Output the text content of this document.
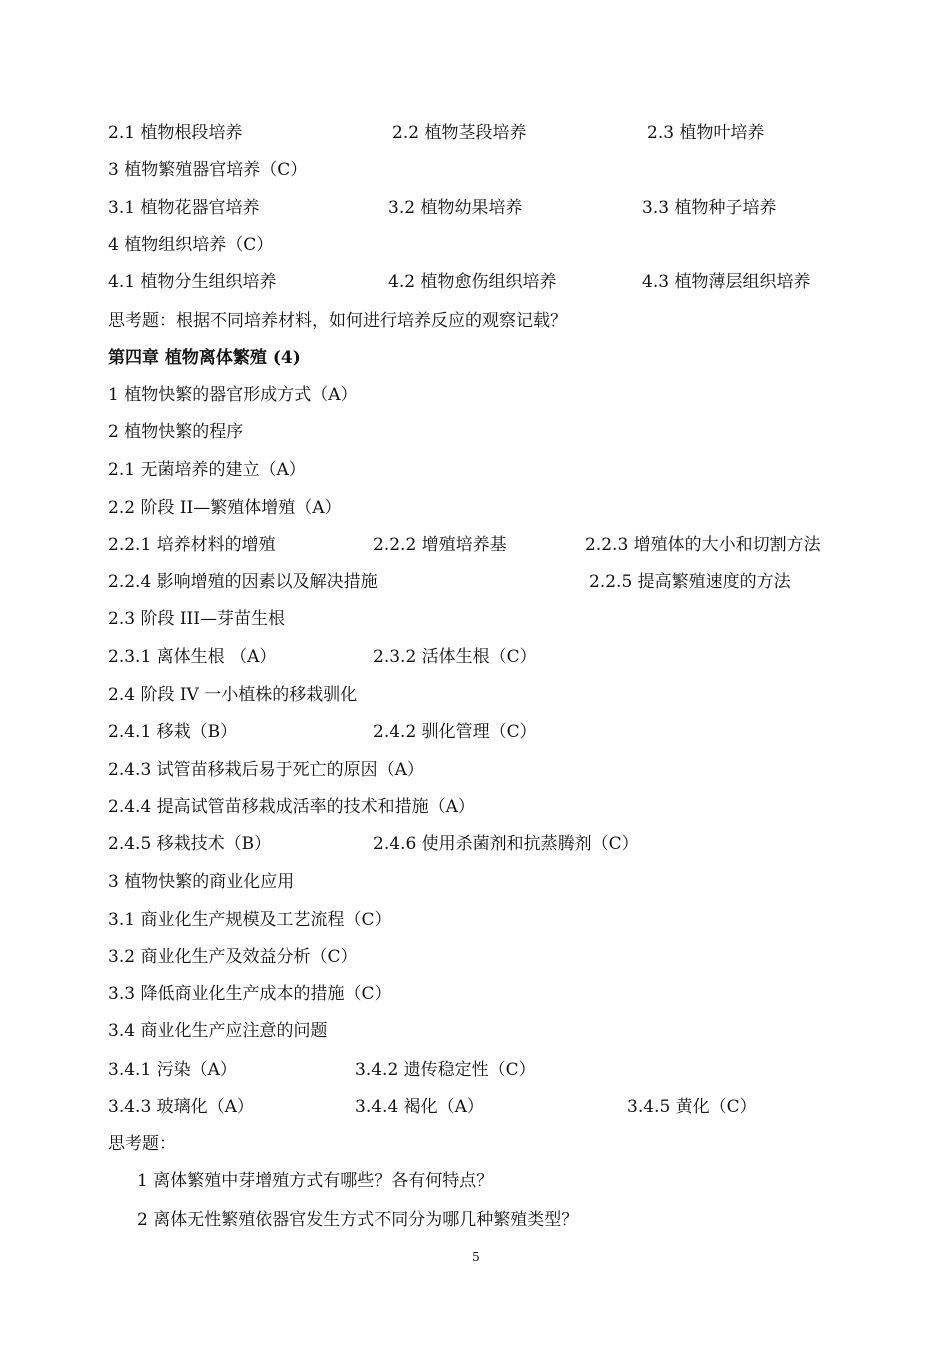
2.1 植物根段培养	2.2 植物茎段培养	2.3 植物叶培养
3 植物繁殖器官培养（C）
3.1 植物花器官培养	3.2 植物幼果培养	3.3 植物种子培养
4 植物组织培养（C）
4.1 植物分生组织培养	4.2 植物愈伤组织培养	4.3 植物薄层组织培养
思考题：根据不同培养材料，如何进行培养反应的观察记载？
第四章 植物离体繁殖 (4)
1 植物快繁的器官形成方式（A）
2 植物快繁的程序
2.1 无菌培养的建立（A）
2.2 阶段 II—繁殖体增殖（A）
2.2.1 培养材料的增殖	2.2.2 增殖培养基	2.2.3 增殖体的大小和切割方法
2.2.4 影响增殖的因素以及解决措施	2.2.5 提高繁殖速度的方法
2.3 阶段 III—芽苗生根
2.3.1 离体生根 （A）	2.3.2 活体生根（C）
2.4 阶段 IV 一小植株的移栽驯化
2.4.1 移栽（B）	2.4.2 驯化管理（C）
2.4.3 试管苗移栽后易于死亡的原因（A）
2.4.4 提高试管苗移栽成活率的技术和措施（A）
2.4.5 移栽技术（B）	2.4.6 使用杀菌剂和抗蒸腾剂（C）
3 植物快繁的商业化应用
3.1 商业化生产规模及工艺流程（C）
3.2 商业化生产及效益分析（C）
3.3 降低商业化生产成本的措施（C）
3.4 商业化生产应注意的问题
3.4.1 污染（A）	3.4.2 遗传稳定性（C）
3.4.3 玻璃化（A）	3.4.4 褐化（A）	3.4.5 黄化（C）
思考题：
1 离体繁殖中芽增殖方式有哪些？各有何特点？
2 离体无性繁殖依器官发生方式不同分为哪几种繁殖类型？
5
